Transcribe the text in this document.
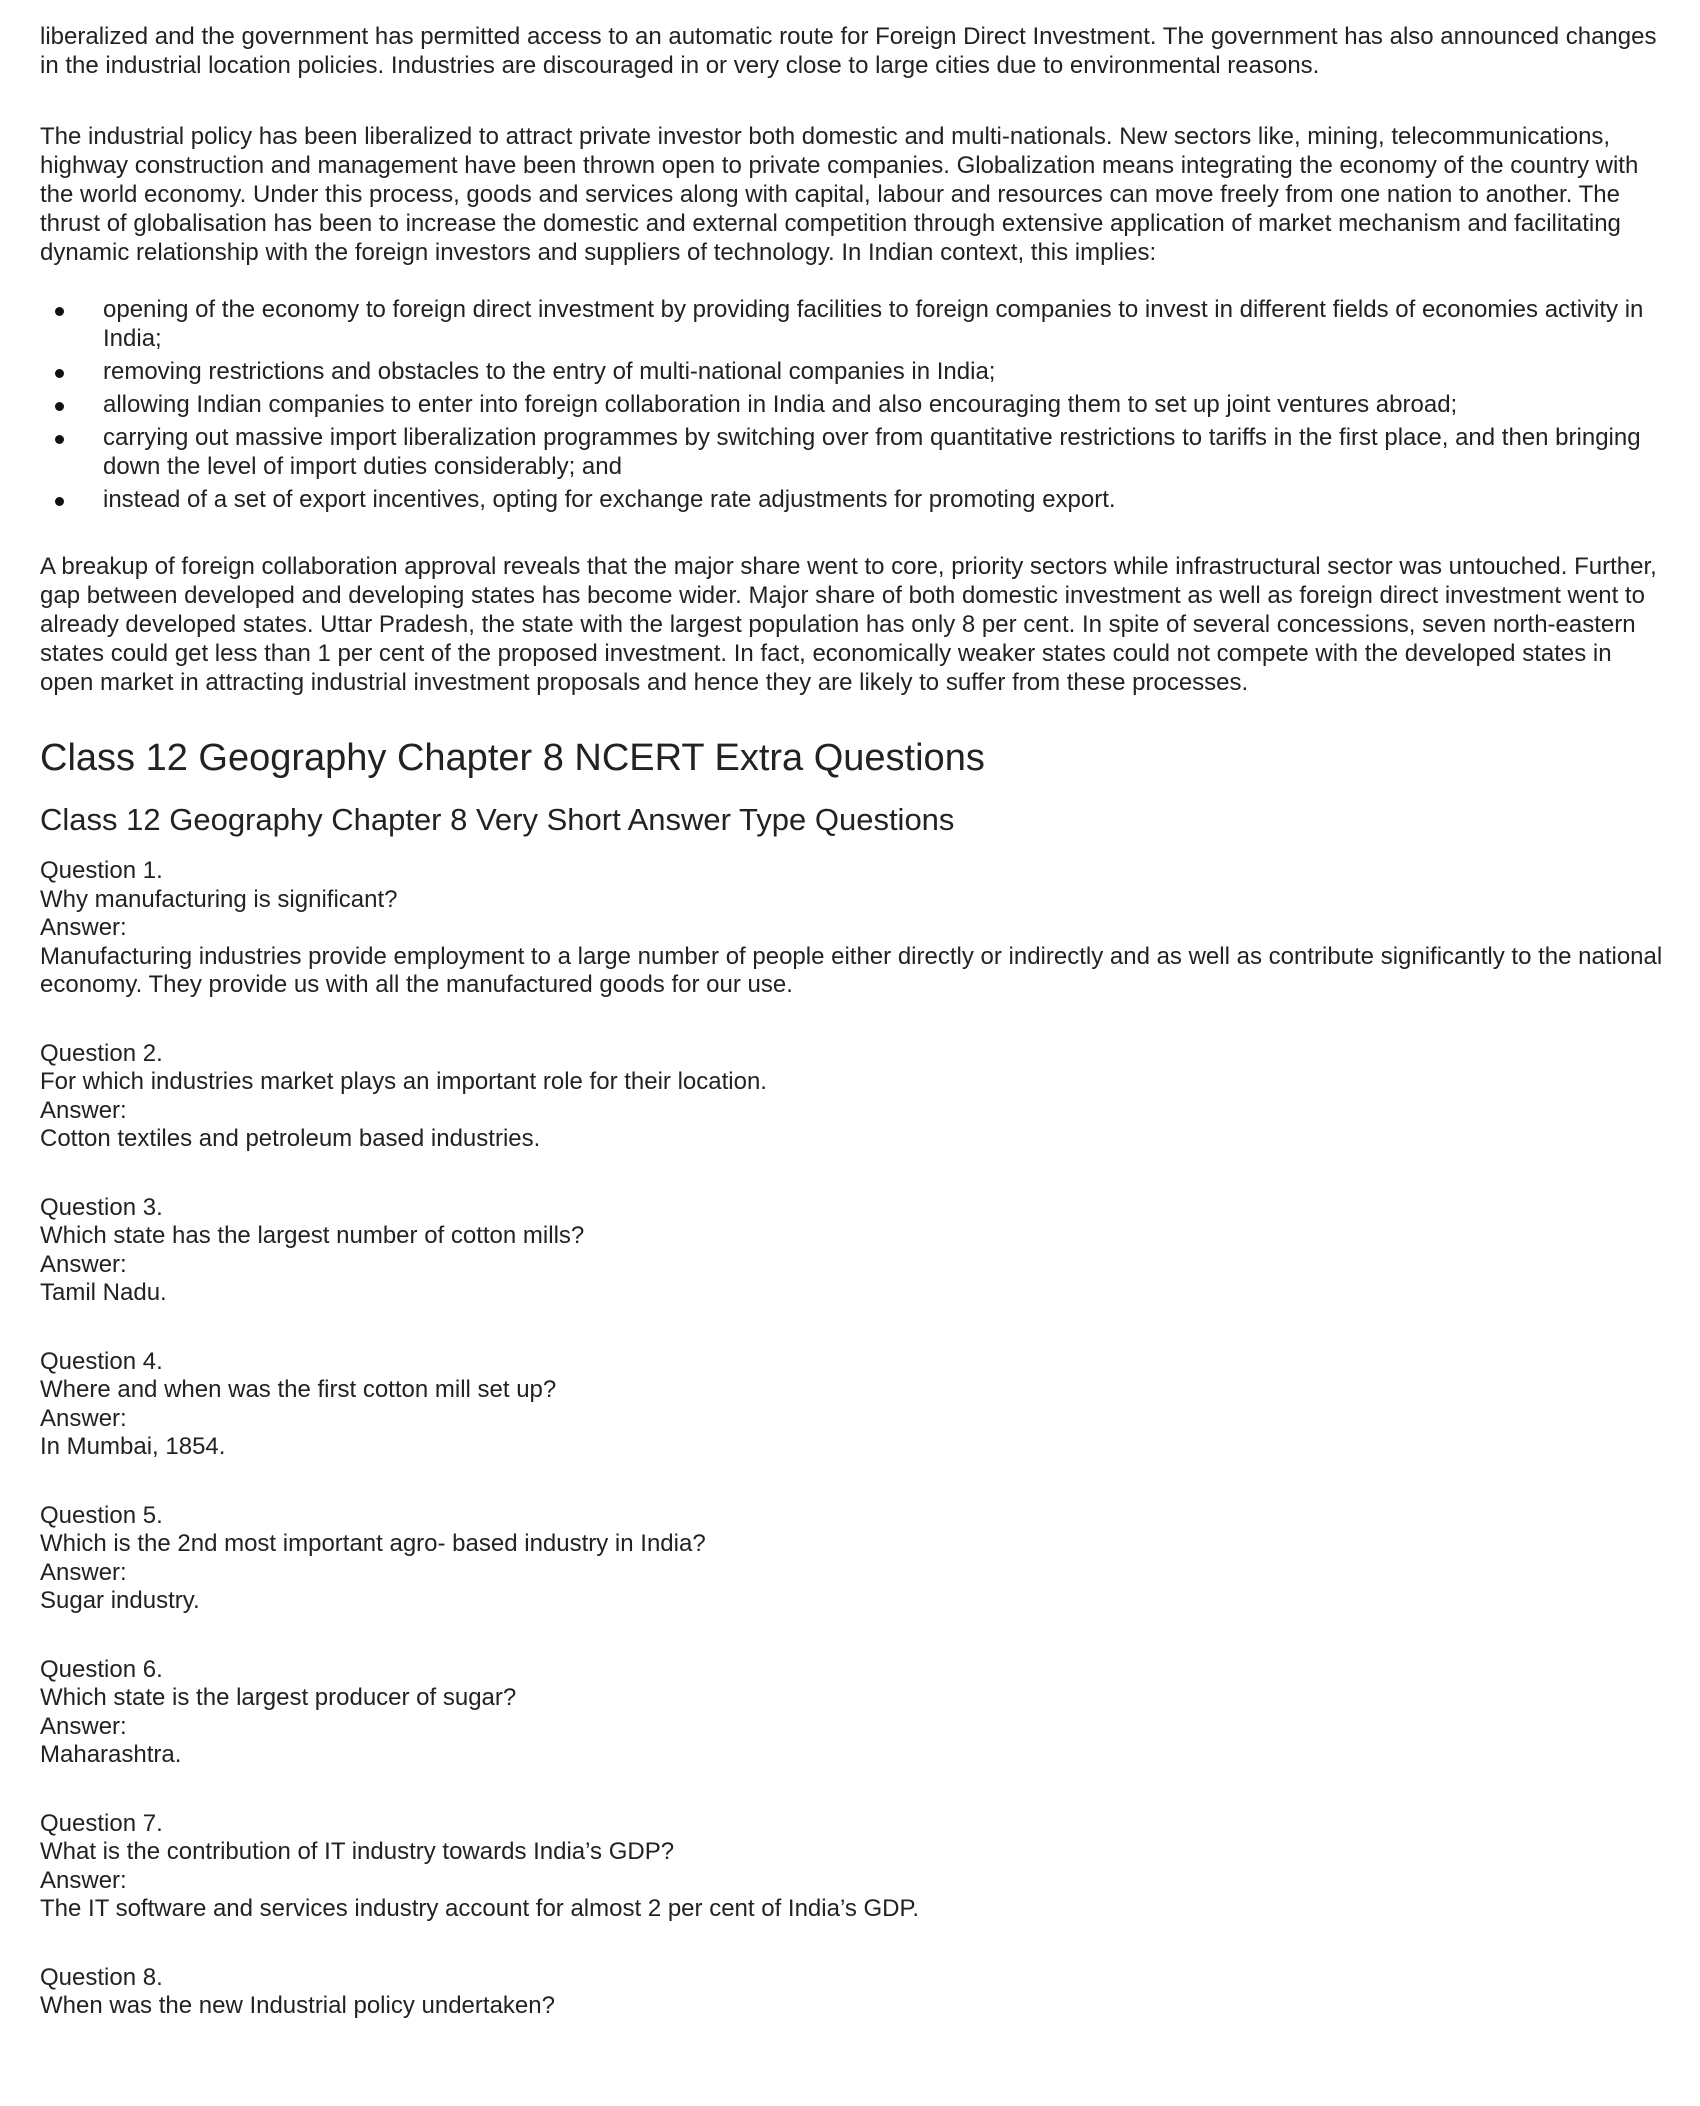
liberalized and the government has permitted access to an automatic route for Foreign Direct Investment. The government has also announced changes in the industrial location policies. Industries are discouraged in or very close to large cities due to environmental reasons.

The industrial policy has been liberalized to attract private investor both domestic and multi-nationals. New sectors like, mining, telecommunications, highway construction and management have been thrown open to private companies. Globalization means integrating the economy of the country with the world economy. Under this process, goods and services along with capital, labour and resources can move freely from one nation to another. The thrust of globalisation has been to increase the domestic and external competition through extensive application of market mechanism and facilitating dynamic relationship with the foreign investors and suppliers of technology. In Indian context, this implies:

opening of the economy to foreign direct investment by providing facilities to foreign companies to invest in different fields of economies activity in India;
removing restrictions and obstacles to the entry of multi-national companies in India;
allowing Indian companies to enter into foreign collaboration in India and also encouraging them to set up joint ventures abroad;
carrying out massive import liberalization programmes by switching over from quantitative restrictions to tariffs in the first place, and then bringing down the level of import duties considerably; and
instead of a set of export incentives, opting for exchange rate adjustments for promoting export.

A breakup of foreign collaboration approval reveals that the major share went to core, priority sectors while infrastructural sector was untouched. Further, gap between developed and developing states has become wider. Major share of both domestic investment as well as foreign direct investment went to already developed states. Uttar Pradesh, the state with the largest population has only 8 per cent. In spite of several concessions, seven north-eastern states could get less than 1 per cent of the proposed investment. In fact, economically weaker states could not compete with the developed states in open market in attracting industrial investment proposals and hence they are likely to suffer from these processes.

Class 12 Geography Chapter 8 NCERT Extra Questions
Class 12 Geography Chapter 8 Very Short Answer Type Questions

Question 1.

Why manufacturing is significant?

Answer:

Manufacturing industries provide employment to a large number of people either directly or indirectly and as well as contribute significantly to the national economy. They provide us with all the manufactured goods for our use.

Question 2.

For which industries market plays an important role for their location.

Answer:

Cotton textiles and petroleum based industries.

Question 3.

Which state has the largest number of cotton mills?

Answer:

Tamil Nadu.

Question 4.

Where and when was the first cotton mill set up?

Answer:

In Mumbai, 1854.

Question 5.

Which is the 2nd most important agro- based industry in India?

Answer:

Sugar industry.

Question 6.

Which state is the largest producer of sugar?

Answer:

Maharashtra.

Question 7.

What is the contribution of IT industry towards India’s GDP?

Answer:

The IT software and services industry account for almost 2 per cent of India’s GDP.

Question 8.

When was the new Industrial policy undertaken?
